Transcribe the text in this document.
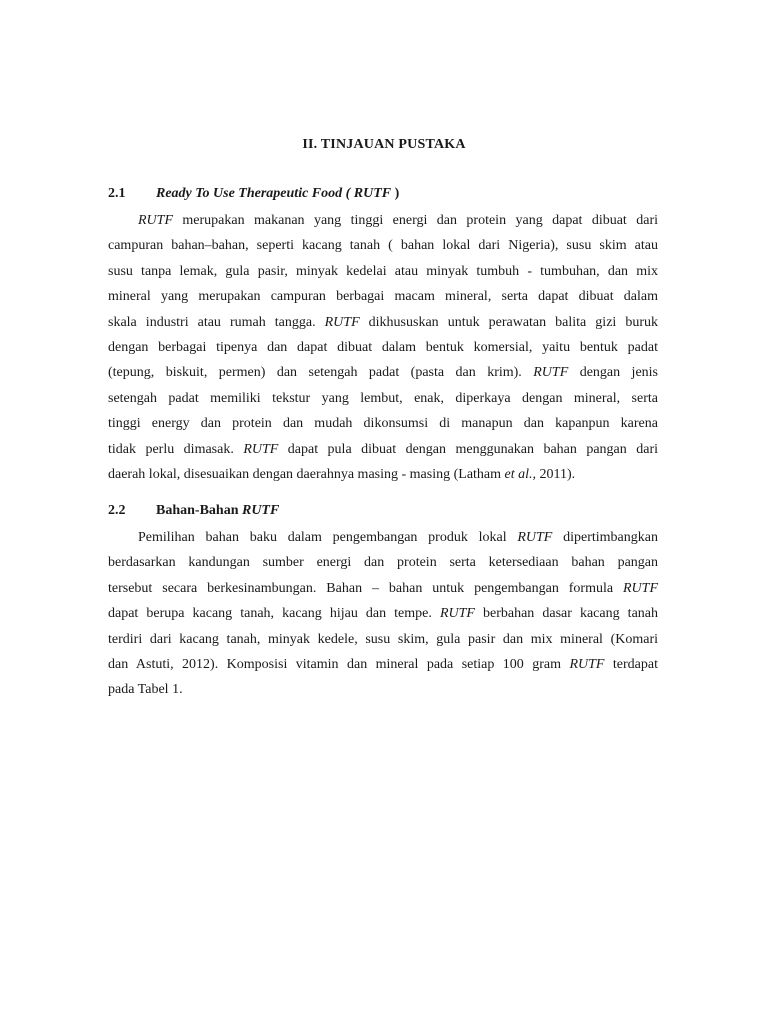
II. TINJAUAN PUSTAKA
2.1 Ready To Use Therapeutic Food ( RUTF )
RUTF merupakan makanan yang tinggi energi dan protein yang dapat dibuat dari
campuran bahan–bahan, seperti kacang tanah ( bahan lokal dari Nigeria), susu skim atau
susu tanpa lemak, gula pasir, minyak kedelai atau minyak tumbuh - tumbuhan, dan mix
mineral yang merupakan campuran berbagai macam mineral, serta dapat dibuat dalam
skala industri atau rumah tangga. RUTF dikhususkan untuk perawatan balita gizi buruk
dengan berbagai tipenya dan dapat dibuat dalam bentuk komersial, yaitu bentuk padat
(tepung, biskuit, permen) dan setengah padat (pasta dan krim). RUTF dengan jenis
setengah padat memiliki tekstur yang lembut, enak, diperkaya dengan mineral, serta
tinggi energy dan protein dan mudah dikonsumsi di manapun dan kapanpun karena
tidak perlu dimasak. RUTF dapat pula dibuat dengan menggunakan bahan pangan dari
daerah lokal, disesuaikan dengan daerahnya masing - masing (Latham et al., 2011).
2.2 Bahan-Bahan RUTF
Pemilihan bahan baku dalam pengembangan produk lokal RUTF dipertimbangkan
berdasarkan kandungan sumber energi dan protein serta ketersediaan bahan pangan
tersebut secara berkesinambungan. Bahan – bahan untuk pengembangan formula RUTF
dapat berupa kacang tanah, kacang hijau dan tempe. RUTF berbahan dasar kacang tanah
terdiri dari kacang tanah, minyak kedele, susu skim, gula pasir dan mix mineral (Komari
dan Astuti, 2012). Komposisi vitamin dan mineral pada setiap 100 gram RUTF terdapat
pada Tabel 1.
